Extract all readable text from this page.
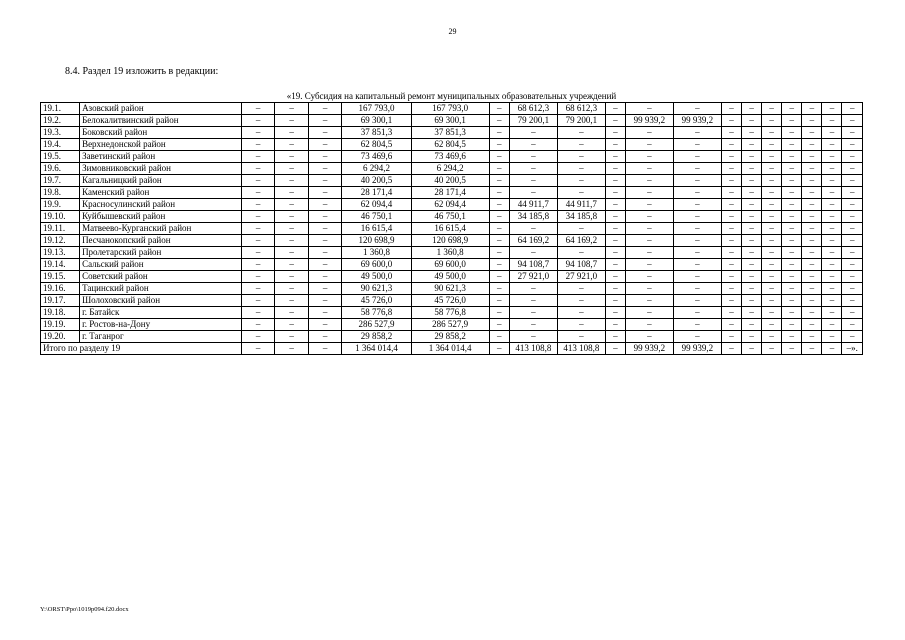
29
8.4. Раздел 19 изложить в редакции:
«19. Субсидия на капитальный ремонт муниципальных образовательных учреждений																			
19.1.	Азовский район	–	–	–	167 793,0	167 793,0	–	68 612,3	68 612,3	–	–	–	–	–	–	–	–	–	–
19.2.	Белокалитвинский район	–	–	–	69 300,1	69 300,1	–	79 200,1	79 200,1	–	99 939,2	99 939,2	–	–	–	–	–	–	–
19.3.	Боковский район	–	–	–	37 851,3	37 851,3	–	–	–	–	–	–	–	–	–	–	–	–	–
19.4.	Верхнедонской район	–	–	–	62 804,5	62 804,5	–	–	–	–	–	–	–	–	–	–	–	–	–
19.5.	Заветинский район	–	–	–	73 469,6	73 469,6	–	–	–	–	–	–	–	–	–	–	–	–	–
19.6.	Зимовниковский район	–	–	–	6 294,2	6 294,2	–	–	–	–	–	–	–	–	–	–	–	–	–
19.7.	Кагальницкий район	–	–	–	40 200,5	40 200,5	–	–	–	–	–	–	–	–	–	–	–	–	–
19.8.	Каменский район	–	–	–	28 171,4	28 171,4	–	–	–	–	–	–	–	–	–	–	–	–	–
19.9.	Красносулинский район	–	–	–	62 094,4	62 094,4	–	44 911,7	44 911,7	–	–	–	–	–	–	–	–	–	–
19.10.	Куйбышевский район	–	–	–	46 750,1	46 750,1	–	34 185,8	34 185,8	–	–	–	–	–	–	–	–	–	–
19.11.	Матвеево-Курганский район	–	–	–	16 615,4	16 615,4	–	–	–	–	–	–	–	–	–	–	–	–	–
19.12.	Песчанокопский район	–	–	–	120 698,9	120 698,9	–	64 169,2	64 169,2	–	–	–	–	–	–	–	–	–	–
19.13.	Пролетарский район	–	–	–	1 360,8	1 360,8	–	–	–	–	–	–	–	–	–	–	–	–	–
19.14.	Сальский район	–	–	–	69 600,0	69 600,0	–	94 108,7	94 108,7	–	–	–	–	–	–	–	–	–	–
19.15.	Советский район	–	–	–	49 500,0	49 500,0	–	27 921,0	27 921,0	–	–	–	–	–	–	–	–	–	–
19.16.	Тацинский район	–	–	–	90 621,3	90 621,3	–	–	–	–	–	–	–	–	–	–	–	–	–
19.17.	Шолоховский район	–	–	–	45 726,0	45 726,0	–	–	–	–	–	–	–	–	–	–	–	–	–
19.18.	г. Батайск	–	–	–	58 776,8	58 776,8	–	–	–	–	–	–	–	–	–	–	–	–	–
19.19.	г. Ростов-на-Дону	–	–	–	286 527,9	286 527,9	–	–	–	–	–	–	–	–	–	–	–	–	–
19.20.	г. Таганрог	–	–	–	29 858,2	29 858,2	–	–	–	–	–	–	–	–	–	–	–	–	–
Итого по разделу 19		–	–	–	1 364 014,4	1 364 014,4	–	413 108,8	413 108,8	–	99 939,2	99 939,2	–	–	–	–	–	–	–».
Y:\ORST\Ppo\1019p094.f20.docx
